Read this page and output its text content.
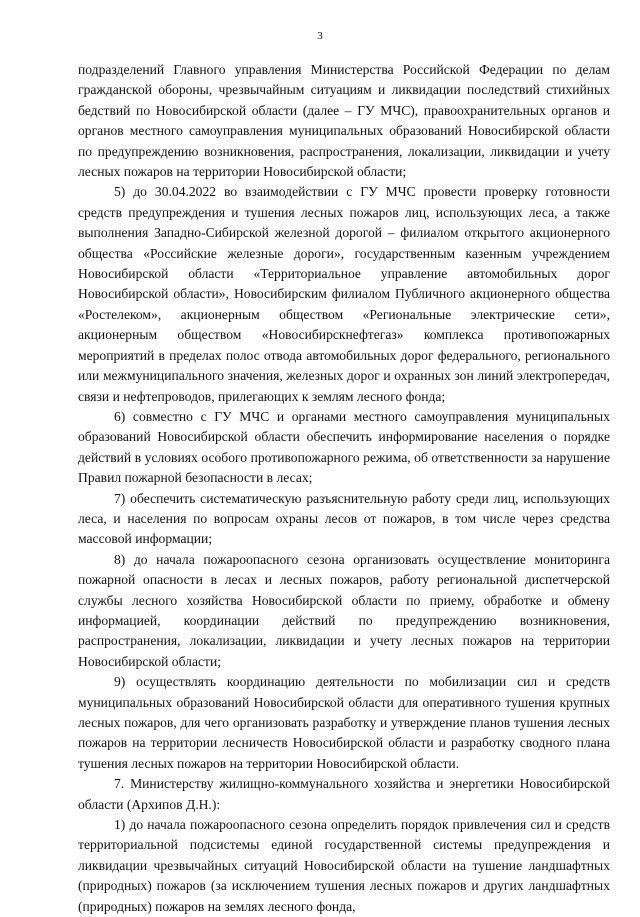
3

подразделений Главного управления Министерства Российской Федерации по делам гражданской обороны, чрезвычайным ситуациям и ликвидации последствий стихийных бедствий по Новосибирской области (далее – ГУ МЧС), правоохранительных органов и органов местного самоуправления муниципальных образований Новосибирской области по предупреждению возникновения, распространения, локализации, ликвидации и учету лесных пожаров на территории Новосибирской области;

5) до 30.04.2022 во взаимодействии с ГУ МЧС провести проверку готовности средств предупреждения и тушения лесных пожаров лиц, использующих леса, а также выполнения Западно-Сибирской железной дорогой – филиалом открытого акционерного общества «Российские железные дороги», государственным казенным учреждением Новосибирской области «Территориальное управление автомобильных дорог Новосибирской области», Новосибирским филиалом Публичного акционерного общества «Ростелеком», акционерным обществом «Региональные электрические сети», акционерным обществом «Новосибирскнефтегаз» комплекса противопожарных мероприятий в пределах полос отвода автомобильных дорог федерального, регионального или межмуниципального значения, железных дорог и охранных зон линий электропередач, связи и нефтепроводов, прилегающих к землям лесного фонда;

6) совместно с ГУ МЧС и органами местного самоуправления муниципальных образований Новосибирской области обеспечить информирование населения о порядке действий в условиях особого противопожарного режима, об ответственности за нарушение Правил пожарной безопасности в лесах;

7) обеспечить систематическую разъяснительную работу среди лиц, использующих леса, и населения по вопросам охраны лесов от пожаров, в том числе через средства массовой информации;

8) до начала пожароопасного сезона организовать осуществление мониторинга пожарной опасности в лесах и лесных пожаров, работу региональной диспетчерской службы лесного хозяйства Новосибирской области по приему, обработке и обмену информацией, координации действий по предупреждению возникновения, распространения, локализации, ликвидации и учету лесных пожаров на территории Новосибирской области;

9) осуществлять координацию деятельности по мобилизации сил и средств муниципальных образований Новосибирской области для оперативного тушения крупных лесных пожаров, для чего организовать разработку и утверждение планов тушения лесных пожаров на территории лесничеств Новосибирской области и разработку сводного плана тушения лесных пожаров на территории Новосибирской области.

7. Министерству жилищно-коммунального хозяйства и энергетики Новосибирской области (Архипов Д.Н.):

1) до начала пожароопасного сезона определить порядок привлечения сил и средств территориальной подсистемы единой государственной системы предупреждения и ликвидации чрезвычайных ситуаций Новосибирской области на тушение ландшафтных (природных) пожаров (за исключением тушения лесных пожаров и других ландшафтных (природных) пожаров на землях лесного фонда,
